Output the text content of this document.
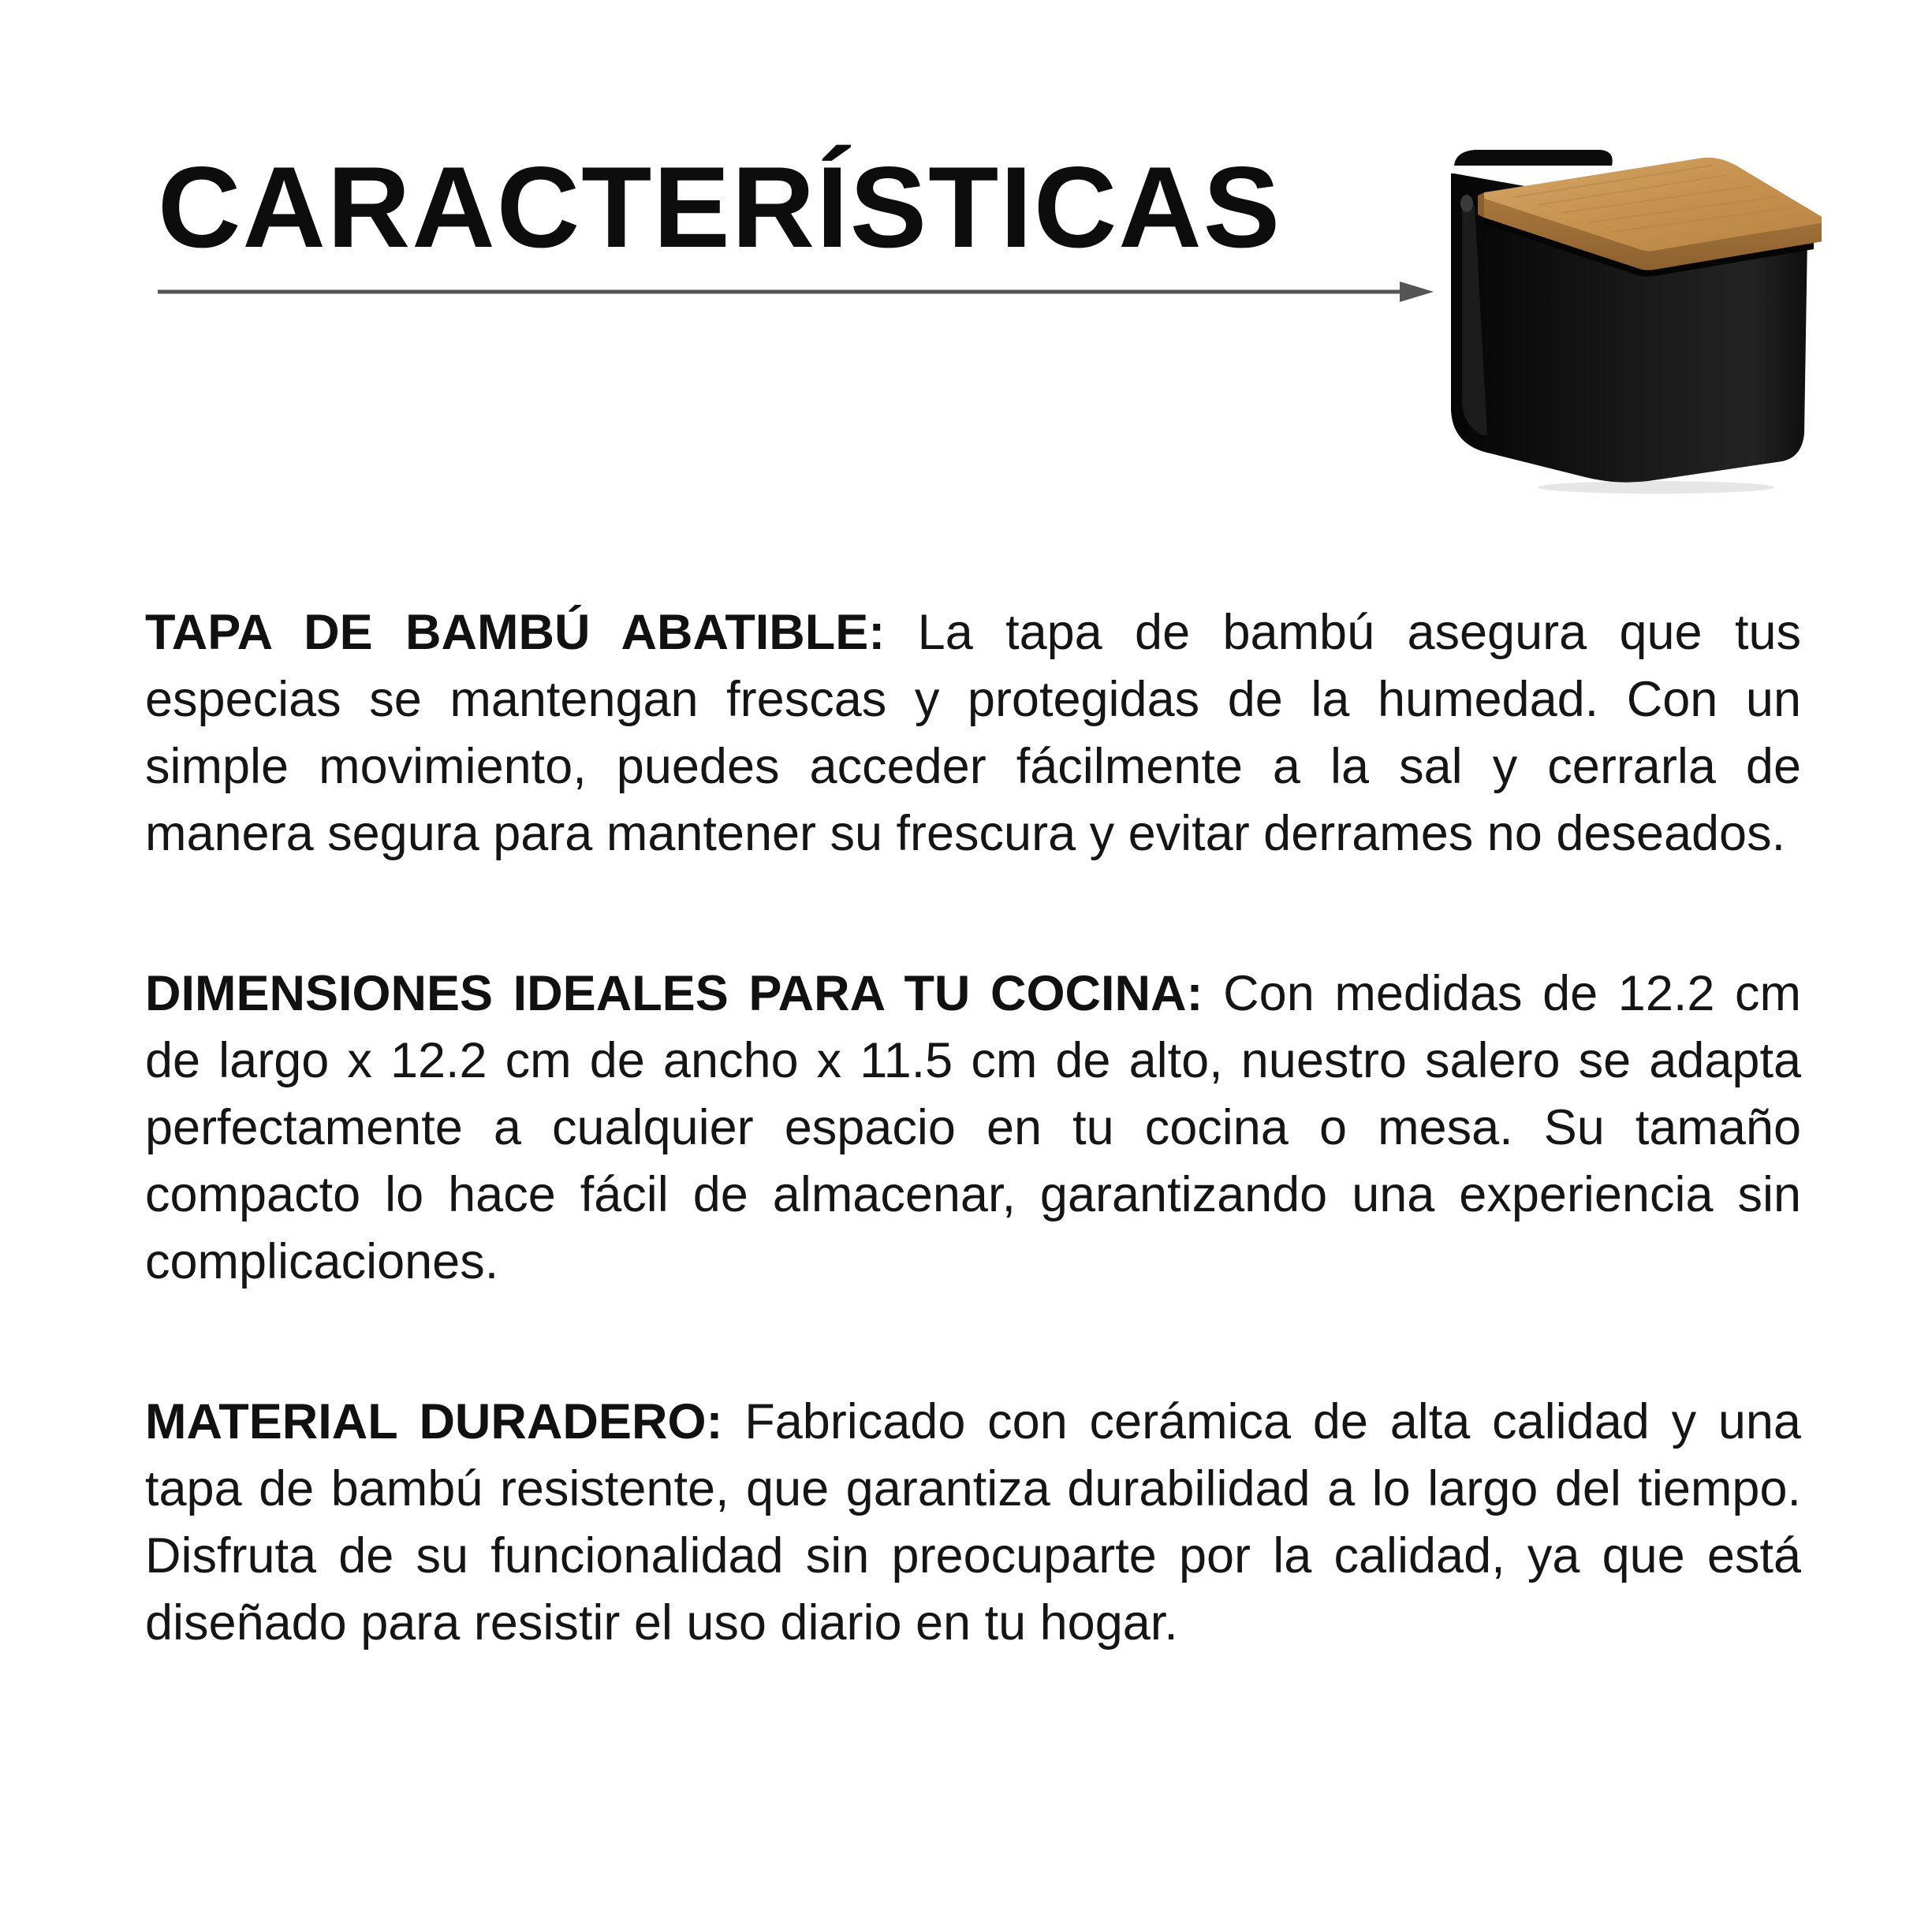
CARACTERÍSTICAS

TAPA DE BAMBÚ ABATIBLE: La tapa de bambú asegura que tus especias se mantengan frescas y protegidas de la humedad. Con un simple movimiento, puedes acceder fácilmente a la sal y cerrarla de manera segura para mantener su frescura y evitar derrames no deseados.

DIMENSIONES IDEALES PARA TU COCINA: Con medidas de 12.2 cm de largo x 12.2 cm de ancho x 11.5 cm de alto, nuestro salero se adapta perfectamente a cualquier espacio en tu cocina o mesa. Su tamaño compacto lo hace fácil de almacenar, garantizando una experiencia sin complicaciones.

MATERIAL DURADERO: Fabricado con cerámica de alta calidad y una tapa de bambú resistente, que garantiza durabilidad a lo largo del tiempo. Disfruta de su funcionalidad sin preocuparte por la calidad, ya que está diseñado para resistir el uso diario en tu hogar.
